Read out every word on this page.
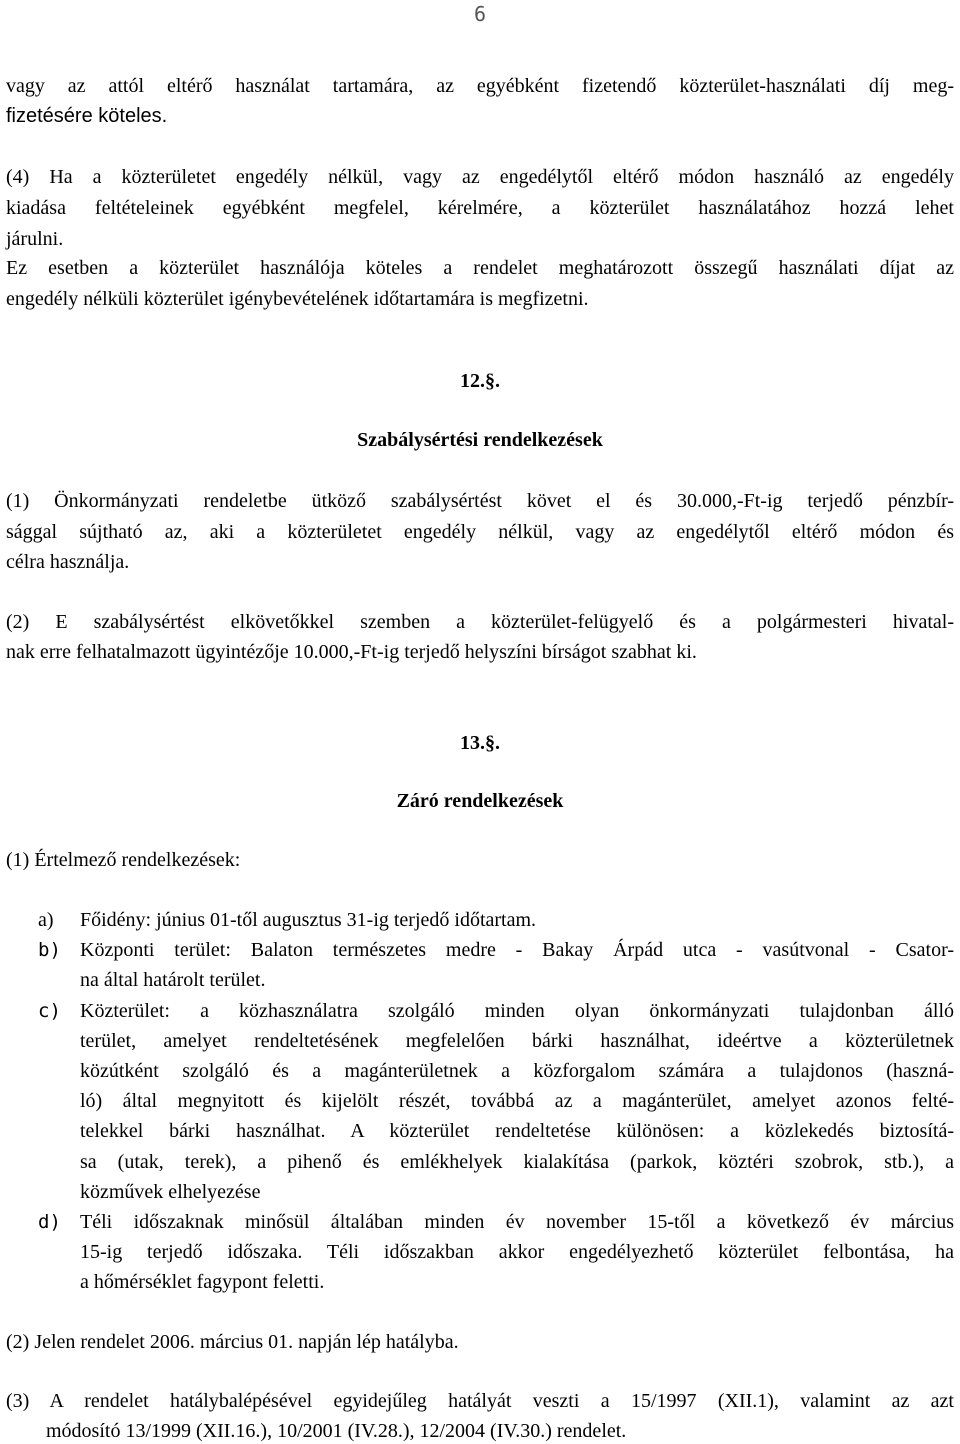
6
vagy az attól eltérő használat tartamára, az egyébként fizetendő közterület-használati díj meg-
fizetésére köteles.
(4) Ha a közterületet engedély nélkül, vagy az engedélytől eltérő módon használó az engedély
kiadása feltételeinek egyébként megfelel, kérelmére, a közterület használatához hozzá lehet
járulni.
Ez esetben a közterület használója köteles a rendelet meghatározott összegű használati díjat az
engedély nélküli közterület igénybevételének időtartamára is megfizetni.
12.§.
Szabálysértési rendelkezések
(1) Önkormányzati rendeletbe ütköző szabálysértést követ el és 30.000,-Ft-ig terjedő pénzbír-
sággal sújtható az, aki a közterületet engedély nélkül, vagy az engedélytől eltérő módon és
célra használja.
(2) E szabálysértést elkövetőkkel szemben a közterület-felügyelő és a polgármesteri hivatal-
nak erre felhatalmazott ügyintézője 10.000,-Ft-ig terjedő helyszíni bírságot szabhat ki.
13.§.
Záró rendelkezések
(1) Értelmező rendelkezések:
a) Főidény: június 01-től augusztus 31-ig terjedő időtartam.
b) Központi terület: Balaton természetes medre - Bakay Árpád utca - vasútvonal - Csator-
na által határolt terület.
c) Közterület: a közhasználatra szolgáló minden olyan önkormányzati tulajdonban álló
terület, amelyet rendeltetésének megfelelően bárki használhat, ideértve a közterületnek
közútként szolgáló és a magánterületnek a közforgalom számára a tulajdonos (haszná-
ló) által megnyitott és kijelölt részét, továbbá az a magánterület, amelyet azonos felté-
telekkel bárki használhat. A közterület rendeltetése különösen: a közlekedés biztosítá-
sa (utak, terek), a pihenő és emlékhelyek kialakítása (parkok, köztéri szobrok, stb.), a
közművek elhelyezése
d) Téli időszaknak minősül általában minden év november 15-től a következő év március
15-ig terjedő időszaka. Téli időszakban akkor engedélyezhető közterület felbontása, ha
a hőmérséklet fagypont feletti.
(2) Jelen rendelet 2006. március 01. napján lép hatályba.
(3) A rendelet hatálybalépésével egyidejűleg hatályát veszti a 15/1997 (XII.1), valamint az azt
módosító 13/1999 (XII.16.), 10/2001 (IV.28.), 12/2004 (IV.30.) rendelet.
